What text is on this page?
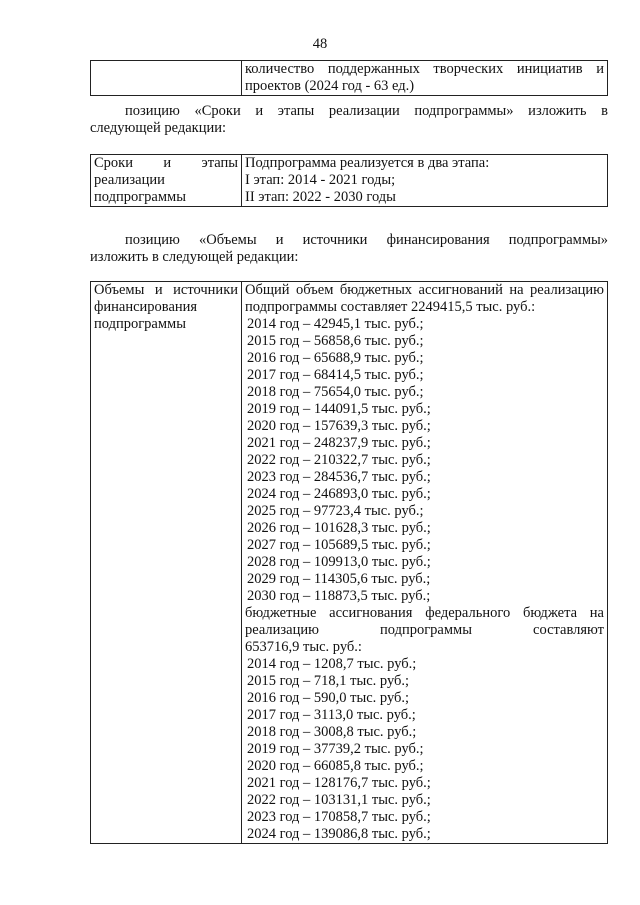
48

количество поддержанных творческих инициатив и
проектов (2024 год - 63 ед.)
позицию «Сроки и этапы реализации подпрограммы» изложить в
следующей редакции:
Сроки и этапы
реализации
подпрограммы

Подпрограмма реализуется в два этапа:
I этап: 2014 - 2021 годы;
II этап: 2022 - 2030 годы
позицию «Объемы и источники финансирования подпрограммы»
изложить в следующей редакции:
Объемы и источники
финансирования
подпрограммы

Общий объем бюджетных ассигнований на реализацию
подпрограммы составляет 2249415,5 тыс. руб.:
2014 год – 42945,1 тыс. руб.;
2015 год – 56858,6 тыс. руб.;
2016 год – 65688,9 тыс. руб.;
2017 год – 68414,5 тыс. руб.;
2018 год – 75654,0 тыс. руб.;
2019 год – 144091,5 тыс. руб.;
2020 год – 157639,3 тыс. руб.;
2021 год – 248237,9 тыс. руб.;
2022 год – 210322,7 тыс. руб.;
2023 год – 284536,7 тыс. руб.;
2024 год – 246893,0 тыс. руб.;
2025 год – 97723,4 тыс. руб.;
2026 год – 101628,3 тыс. руб.;
2027 год – 105689,5 тыс. руб.;
2028 год – 109913,0 тыс. руб.;
2029 год – 114305,6 тыс. руб.;
2030 год – 118873,5 тыс. руб.;
бюджетные ассигнования федерального бюджета на
реализацию подпрограммы составляют
653716,9 тыс. руб.:
2014 год – 1208,7 тыс. руб.;
2015 год – 718,1 тыс. руб.;
2016 год – 590,0 тыс. руб.;
2017 год – 3113,0 тыс. руб.;
2018 год – 3008,8 тыс. руб.;
2019 год – 37739,2 тыс. руб.;
2020 год – 66085,8 тыс. руб.;
2021 год – 128176,7 тыс. руб.;
2022 год – 103131,1 тыс. руб.;
2023 год – 170858,7 тыс. руб.;
2024 год – 139086,8 тыс. руб.;
